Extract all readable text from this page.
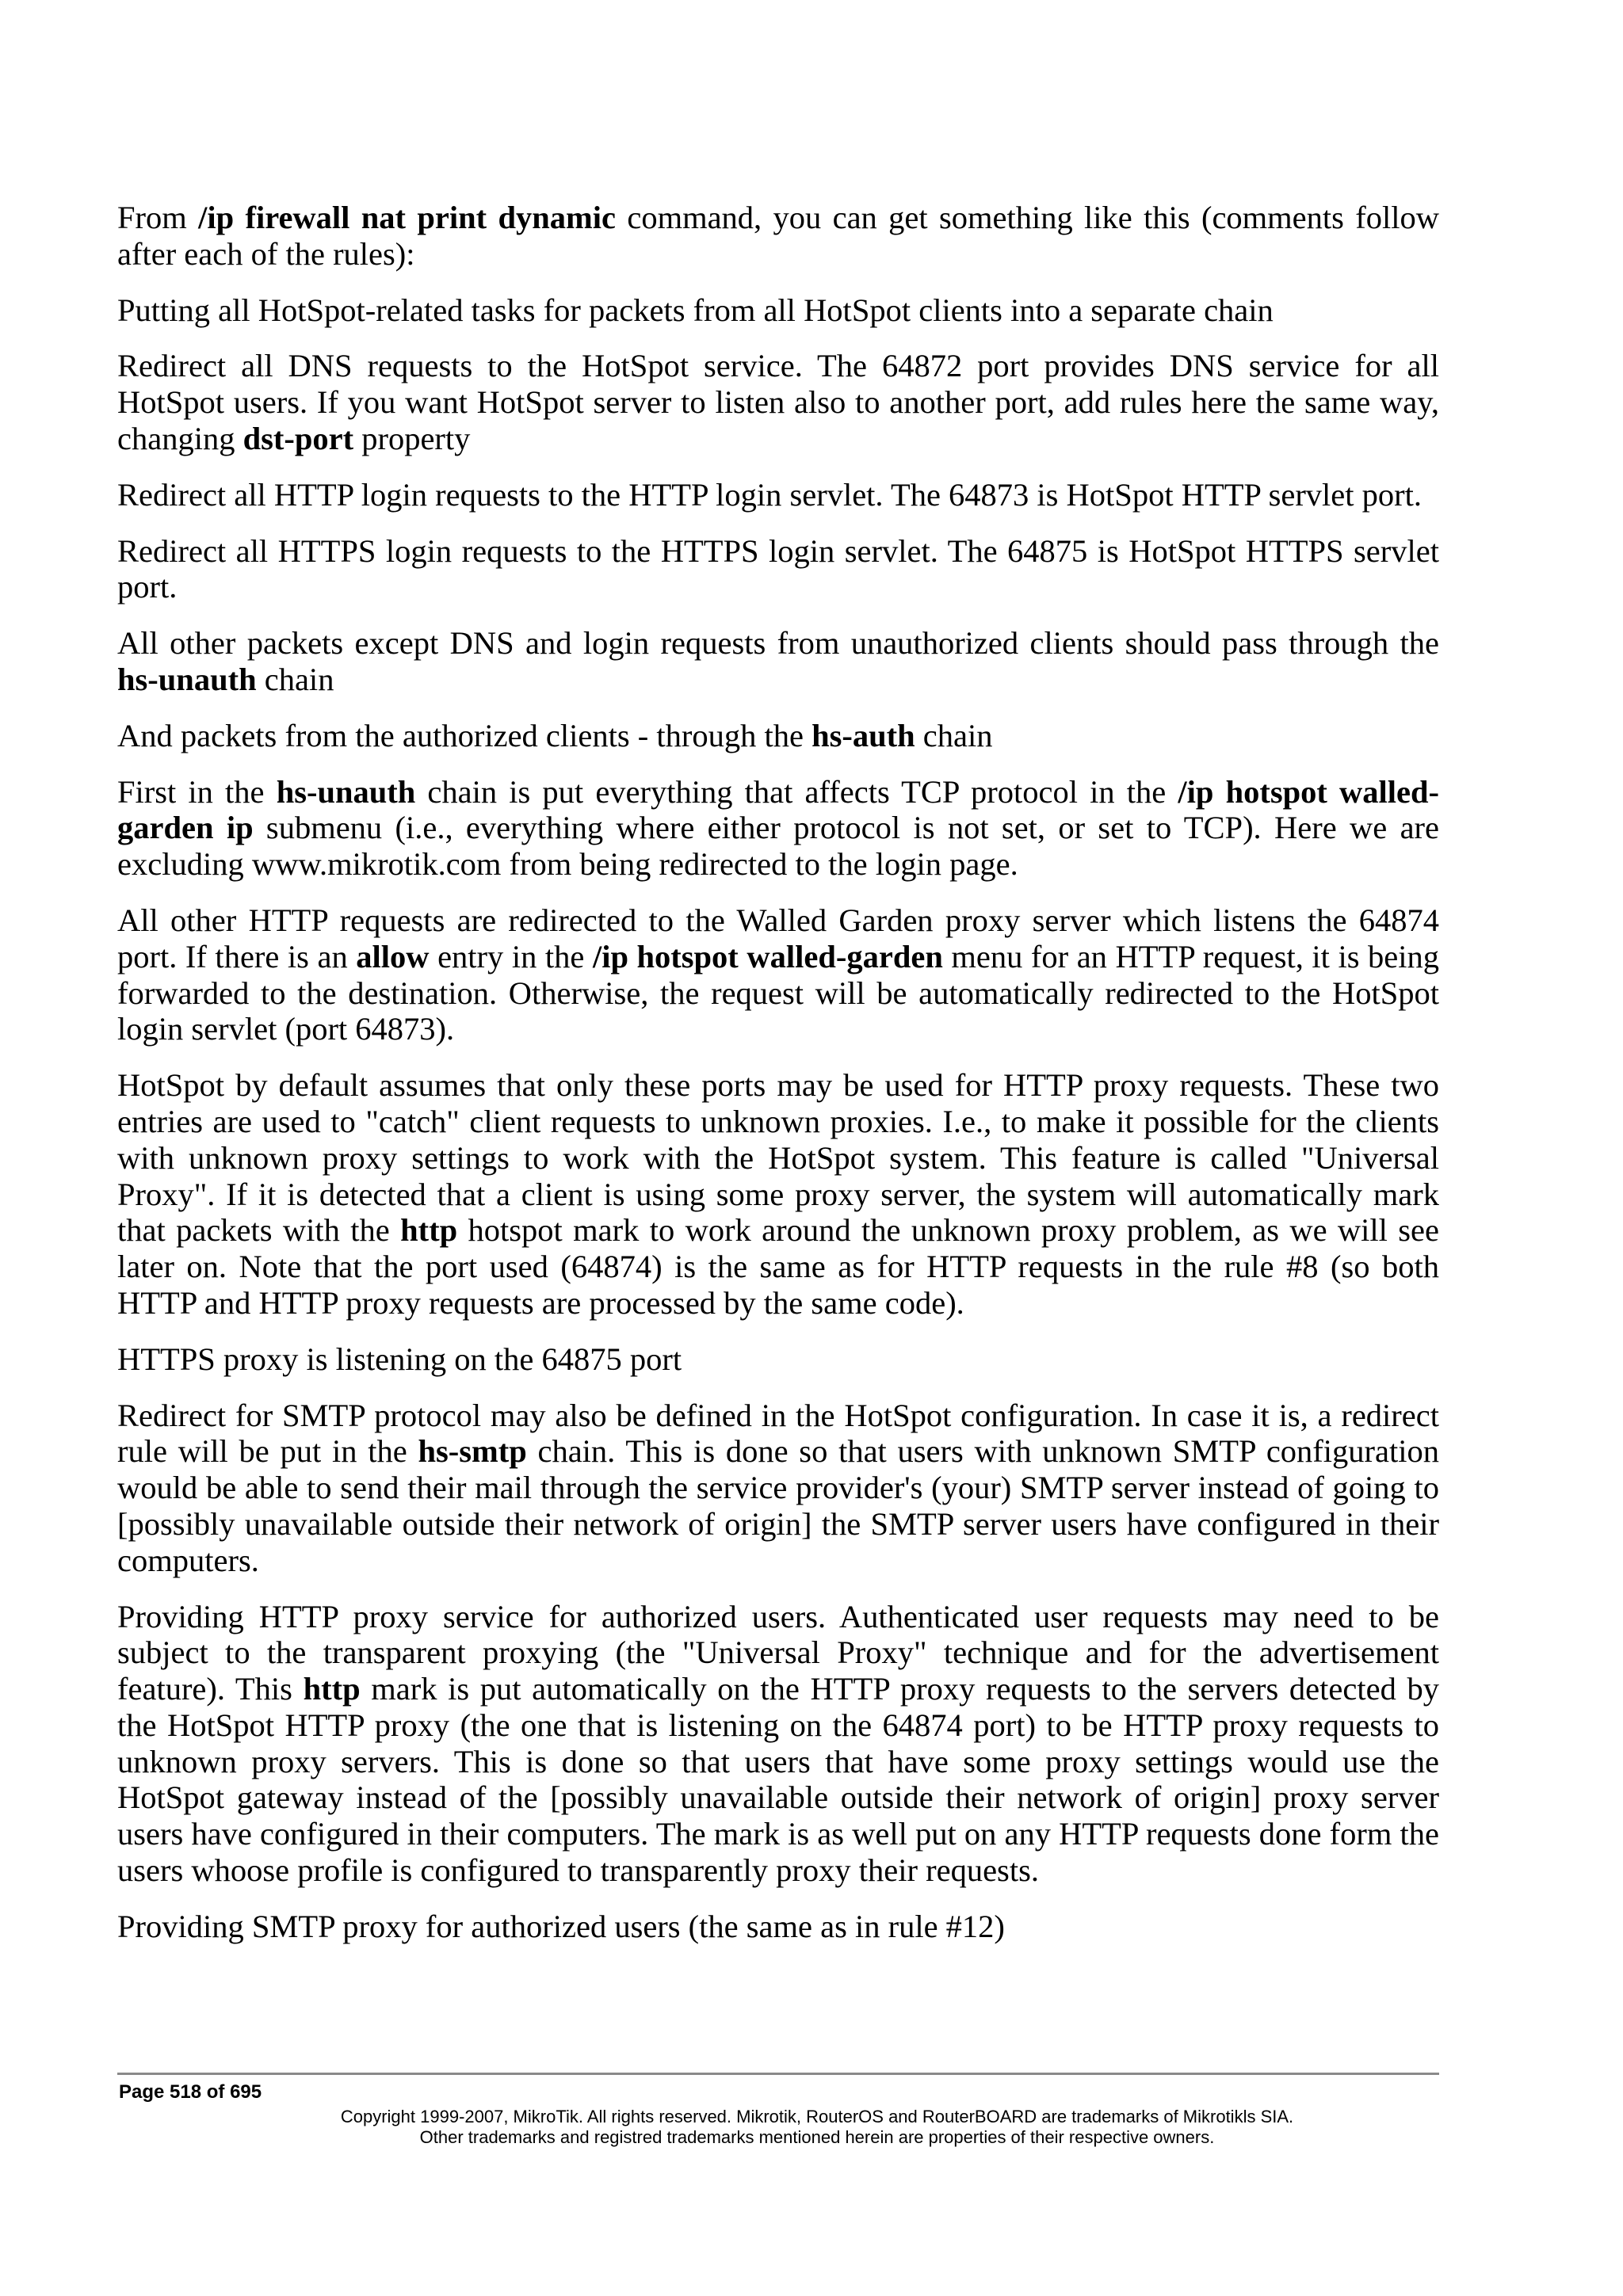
From /ip firewall nat print dynamic command, you can get something like this (comments follow after each of the rules):

Putting all HotSpot-related tasks for packets from all HotSpot clients into a separate chain

Redirect all DNS requests to the HotSpot service. The 64872 port provides DNS service for all HotSpot users. If you want HotSpot server to listen also to another port, add rules here the same way, changing dst-port property

Redirect all HTTP login requests to the HTTP login servlet. The 64873 is HotSpot HTTP servlet port.

Redirect all HTTPS login requests to the HTTPS login servlet. The 64875 is HotSpot HTTPS servlet port.

All other packets except DNS and login requests from unauthorized clients should pass through the hs-unauth chain

And packets from the authorized clients - through the hs-auth chain

First in the hs-unauth chain is put everything that affects TCP protocol in the /ip hotspot walled-garden ip submenu (i.e., everything where either protocol is not set, or set to TCP). Here we are excluding www.mikrotik.com from being redirected to the login page.

All other HTTP requests are redirected to the Walled Garden proxy server which listens the 64874 port. If there is an allow entry in the /ip hotspot walled-garden menu for an HTTP request, it is being forwarded to the destination. Otherwise, the request will be automatically redirected to the HotSpot login servlet (port 64873).

HotSpot by default assumes that only these ports may be used for HTTP proxy requests. These two entries are used to "catch" client requests to unknown proxies. I.e., to make it possible for the clients with unknown proxy settings to work with the HotSpot system. This feature is called "Universal Proxy". If it is detected that a client is using some proxy server, the system will automatically mark that packets with the http hotspot mark to work around the unknown proxy problem, as we will see later on. Note that the port used (64874) is the same as for HTTP requests in the rule #8 (so both HTTP and HTTP proxy requests are processed by the same code).

HTTPS proxy is listening on the 64875 port

Redirect for SMTP protocol may also be defined in the HotSpot configuration. In case it is, a redirect rule will be put in the hs-smtp chain. This is done so that users with unknown SMTP configuration would be able to send their mail through the service provider's (your) SMTP server instead of going to [possibly unavailable outside their network of origin] the SMTP server users have configured in their computers.

Providing HTTP proxy service for authorized users. Authenticated user requests may need to be subject to the transparent proxying (the "Universal Proxy" technique and for the advertisement feature). This http mark is put automatically on the HTTP proxy requests to the servers detected by the HotSpot HTTP proxy (the one that is listening on the 64874 port) to be HTTP proxy requests to unknown proxy servers. This is done so that users that have some proxy settings would use the HotSpot gateway instead of the [possibly unavailable outside their network of origin] proxy server users have configured in their computers. The mark is as well put on any HTTP requests done form the users whoose profile is configured to transparently proxy their requests.

Providing SMTP proxy for authorized users (the same as in rule #12)

Page 518 of 695
Copyright 1999-2007, MikroTik. All rights reserved. Mikrotik, RouterOS and RouterBOARD are trademarks of Mikrotikls SIA.
Other trademarks and registred trademarks mentioned herein are properties of their respective owners.
